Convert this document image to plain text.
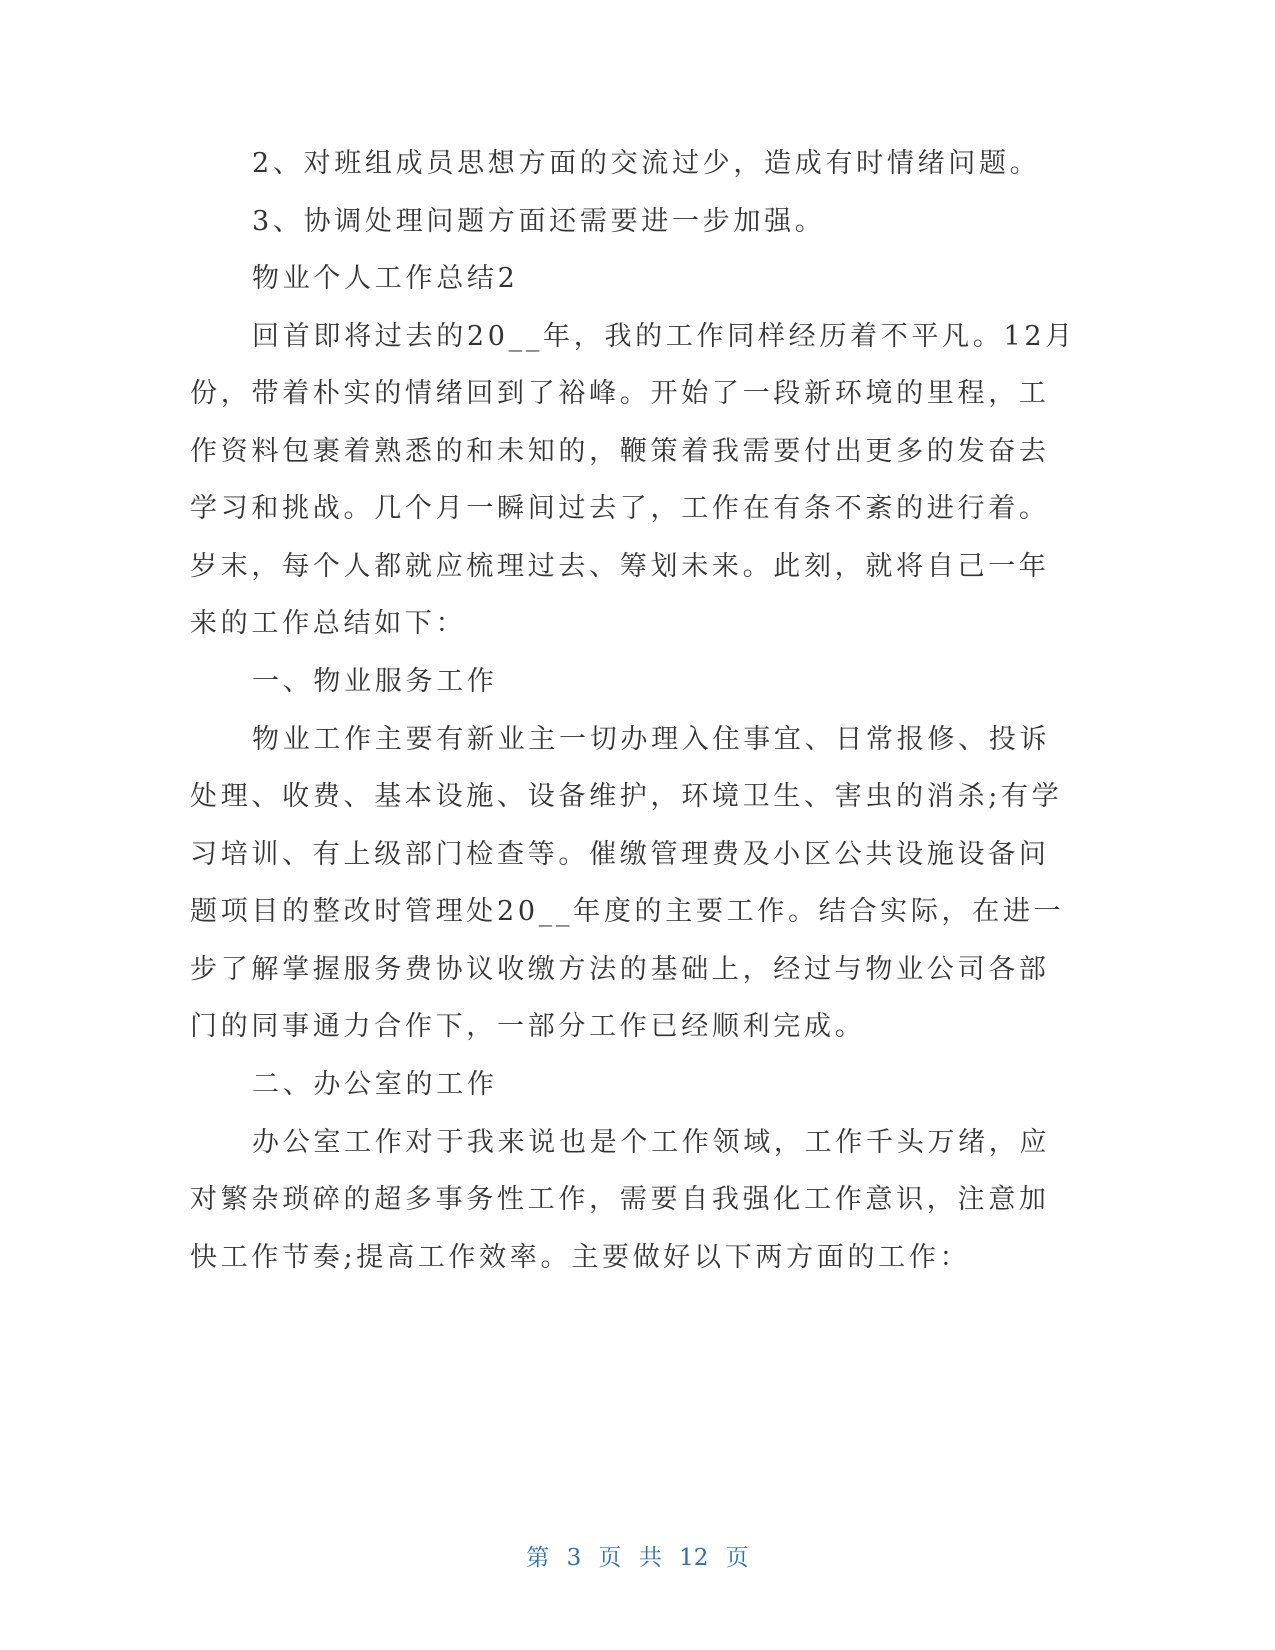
2、对班组成员思想方面的交流过少，造成有时情绪问题。
3、协调处理问题方面还需要进一步加强。
物业个人工作总结2
回首即将过去的20__年，我的工作同样经历着不平凡。12月
份，带着朴实的情绪回到了裕峰。开始了一段新环境的里程，工
作资料包裹着熟悉的和未知的，鞭策着我需要付出更多的发奋去
学习和挑战。几个月一瞬间过去了，工作在有条不紊的进行着。
岁末，每个人都就应梳理过去、筹划未来。此刻，就将自己一年
来的工作总结如下：
一、物业服务工作
物业工作主要有新业主一切办理入住事宜、日常报修、投诉
处理、收费、基本设施、设备维护，环境卫生、害虫的消杀;有学
习培训、有上级部门检查等。催缴管理费及小区公共设施设备问
题项目的整改时管理处20__年度的主要工作。结合实际，在进一
步了解掌握服务费协议收缴方法的基础上，经过与物业公司各部
门的同事通力合作下，一部分工作已经顺利完成。
二、办公室的工作
办公室工作对于我来说也是个工作领域，工作千头万绪，应
对繁杂琐碎的超多事务性工作，需要自我强化工作意识，注意加
快工作节奏;提高工作效率。主要做好以下两方面的工作：
第 3 页 共 12 页
